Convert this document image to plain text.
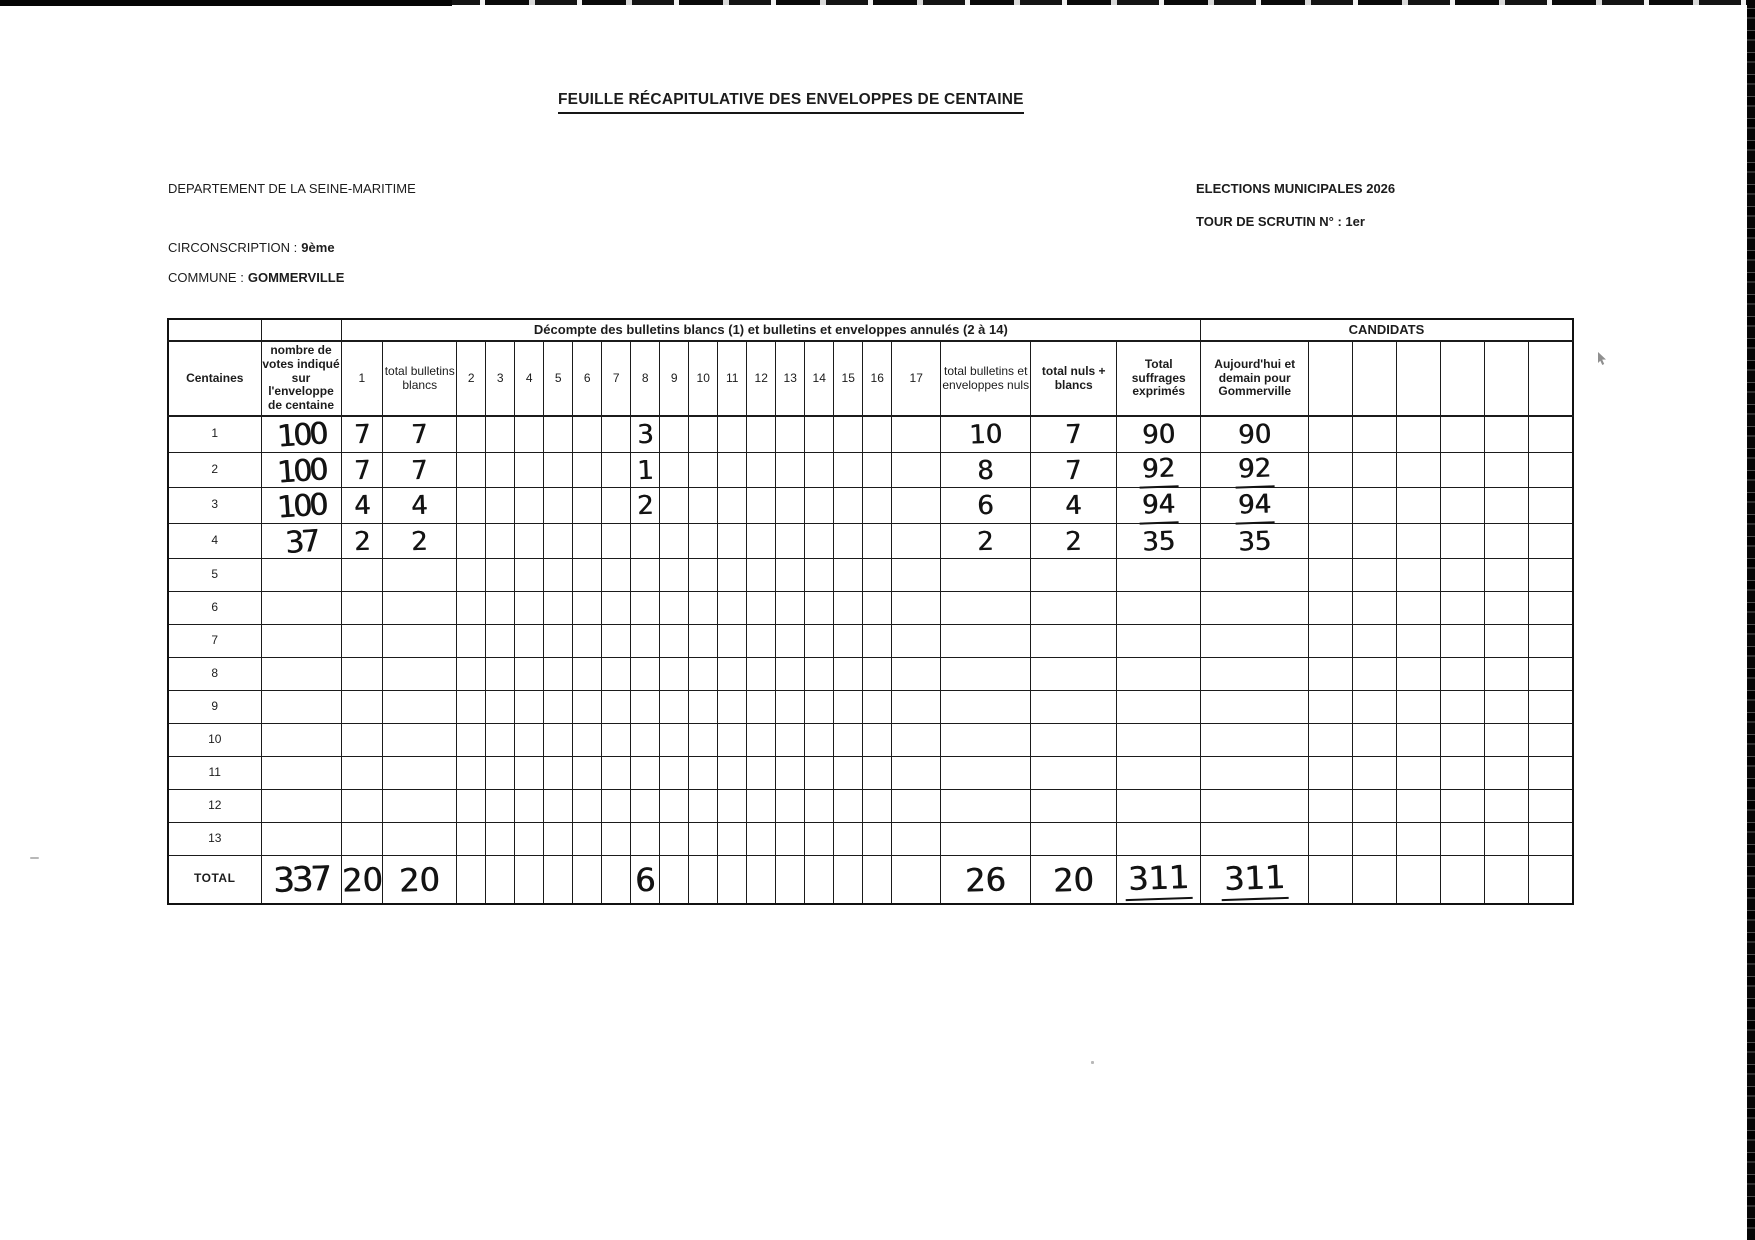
FEUILLE RÉCAPITULATIVE DES ENVELOPPES DE CENTAINE
DEPARTEMENT DE LA SEINE-MARITIME	ELECTIONS MUNICIPALES 2026
TOUR DE SCRUTIN N° : 1er
CIRCONSCRIPTION : 9ème
COMMUNE : GOMMERVILLE
		Décompte des bulletins blancs (1) et bulletins et enveloppes annulés (2 à 14)																					CANDIDATS						
Centaines	nombre de votes indiqué sur l'enveloppe de centaine	1	total bulletins blancs	2	3	4	5	6	7	8	9	10	11	12	13	14	15	16	17	total bulletins et enveloppes nuls	total nuls + blancs	Total suffrages exprimés	Aujourd'hui et demain pour Gommerville						
1	100	7	7							3										10	7	90	90						
2	100	7	7							1										8	7	92	92						
3	100	4	4							2										6	4	94	94						
4	37	2	2																	2	2	35	35						
5																													
6																													
7																													
8																													
9																													
10																													
11																													
12																													
13																													
TOTAL	337	20	20							6										26	20	311	311						
